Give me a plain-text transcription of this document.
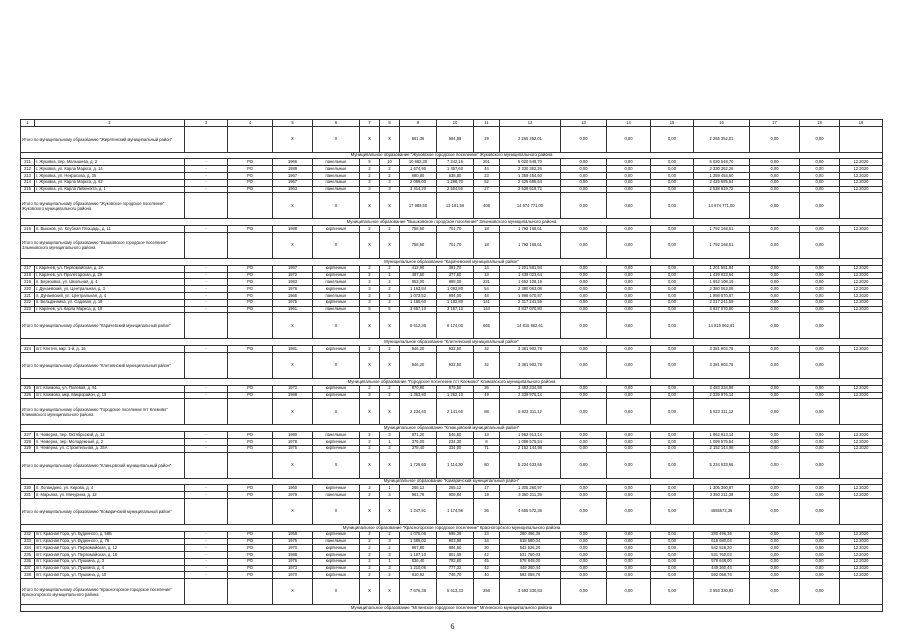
1	2	3	4	5	6	7	8	9	10	11	12	13	14	15	16	17	18	19
Итого по муниципальному образованию "Жирятинский муниципальный район"				X	X	X	X	661,36	584,98	29	2 265 352,01	0,00	0,00	0,00	2 265 352,01	0,00	0,00	
Муниципальное образование "Жуковское городское поселение" Жуковского муниципального района																		
211	г. Жуковка, пер. Малышева, д. 3	-	РО	1966	панельные	5	10	10 682,30	7 242,16	261	6 020 548,70	0,00	0,00	0,00	6 020 548,70	0,00	0,00	12.2020
212	г. Жуковка, ул. Карла Маркса, д. 14	-	РО	1989	панельные	2	2	1 674,90	1 457,60	44	2 330 362,26	0,00	0,00	0,00	2 330 362,26	0,00	0,00	12.2020
213	г. Жуковка, ул. Некрасова, д. 35	-	РО	1967	панельные	2	2	690,80	638,80	23	1 359 454,60	0,00	0,00	0,00	1 359 454,60	0,00	0,00	12.2020
214	г. Жуковка, ул. Карла Маркса, д. 62	-	РО	1967	панельные	3	3	2 099,00	1 298,70	52	2 425 685,54	0,00	0,00	0,00	2 425 685,54	0,00	0,00	12.2020
215	г. Жуковка, ул. Карла Либкнехта, д. 1	-	РО	1963	панельные	3	3	3 414,20	2 504,50	27	2 538 919,72	0,00	0,00	0,00	2 538 919,72	0,00	0,00	12.2020
Итого по муниципальному образованию "Жуковское городское поселение" Жуковского муниципального района				X	X	X	X	17 989,50	13 181,56	408	14 674 771,00	0,00	0,00	0,00	14 674 771,00	0,00	0,00	
Муниципальное образование "Вышковское городское поселение" Злынковского муниципального района																		
216	п. Вышков, ул. Клубная Площадь, д. 11	-	РО	1988	кирпичные	2	2	758,50	701,70	18	1 792 168,61	0,00	0,00	0,00	1 792 168,61	0,00	0,00	12.2020
Итого по муниципальному образованию "Вышковское городское поселение" Злынковского муниципального района				X	X	X	X	758,50	701,70	18	1 792 168,61	0,00	0,00	0,00	1 792 168,61	0,00	0,00	
Муниципальное образование "Карачевский муниципальный район"																		
217	г. Карачев, ул. Первомайская, д. 2А	-	РО	1957	кирпичные	2	2	412,90	381,70	14	1 201 581,94	0,00	0,00	0,00	1 201 581,94	0,00	0,00	12.2020
218	г. Карачев, ул. Пролетарская, д. 29	-	РО	1972	кирпичные	2	1	487,50	377,60	13	1 439 023,64	0,00	0,00	0,00	1 439 023,64	0,00	0,00	12.2020
219	п. Березовка, ул. Школьная, д. 4	-	РО	1983	панельные	2	2	953,00	888,00	231	1 652 108,19	0,00	0,00	0,00	1 652 108,19	0,00	0,00	12.2020
220	г. Дунаевский, ул. Центральная, д. 3	-	РО	1976	кирпичные	3	2	1 163,84	1 092,80	54	2 380 063,08	0,00	0,00	0,00	2 380 063,08	0,00	0,00	12.2020
221	п. Дунаевский, ул. Центральная, д. 4	-	РО	1965	панельные	3	2	1 073,52	994,00	48	1 998 670,87	0,00	0,00	0,00	1 998 670,87	0,00	0,00	12.2020
222	п. Бельдинника, ул. Садовая, д. 18	-	РО	1975	кирпичные	3	2	1 165,60	1 182,80	141	2 317 241,59	0,00	0,00	0,00	2 317 241,59	0,00	0,00	12.2020
223	г. Карачев, ул. Карла Маркса, д. 18	-	РО	1961	панельные	5	5	3 657,10	3 157,10	144	3 837 070,80	0,00	0,00	0,00	3 837 070,80	0,00	0,00	12.2020
Итого по муниципальному образованию "Карачевский муниципальный район"				X	X	X	X	8 612,36	8 174,00	666	14 815 962,61	0,00	0,00	0,00	14 815 962,61	0,00	0,00	
Муниципальное образование "Клетнянский муниципальный район"																		
224	пгт. Клетня, мкр. 1-й, д. 16	-	РО	1981	кирпичные	2	2	946,20	932,50	32	3 381 902,78	0,00	0,00	0,00	3 381 902,78	0,00	0,00	12.2020
Итого по муниципальному образованию "Клетнянский муниципальный район"				X	X	X	X	946,20	932,50	32	3 381 902,78	0,00	0,00	0,00	3 381 902,78	0,00	0,00	
Муниципальное образование "Городское поселение пгт Клемово" Климовского муниципального района																		
225	пгт. Климово, ул. Полевая, д. 51	-	РО	1972	кирпичные	2	2	870,80	879,50	36	3 483 334,98	0,00	0,00	0,00	3 483 334,98	0,00	0,00	12.2020
226	пгт. Климово, мкр. Микрорайон, д. 19	-	РО	1988	кирпичные	3	2	1 363,80	1 262,10	49	2 339 976,14	0,00	0,00	0,00	2 339 976,14	0,00	0,00	12.2020
Итого по муниципальному образованию "Городское поселение пгт Клемово" Климовского муниципального района				X	X	X	X	2 234,60	2 141,60	88	5 823 311,12	0,00	0,00	0,00	5 823 311,12	0,00	0,00	
Муниципальное образование "Клинцовский муниципальный район"																		
227	п. Чемерна, пер. Октябрьский, д. 12	-	РО	1980	панельные	2	3	971,20	546,60	13	1 962 913,14	0,00	0,00	0,00	1 962 913,14	0,00	0,00	12.2020
228	п. Чемерна, пер. Молодежный, д. 2	-	РО	1978	кирпичные	2	1	376,00	234,30	8	1 099 575,54	0,00	0,00	0,00	1 099 575,54	0,00	0,00	12.2020
229	п. Чемерна, ул. Строительная, д. 25А	-	РО	1975	кирпичные	2	2	378,40	334,00	71	2 152 144,98	0,00	0,00	0,00	2 152 144,98	0,00	0,00	12.2020
Итого по муниципальному образованию "Клинцовский муниципальный район"				X	X	X	X	1 726,60	1 114,30	80	5 234 633,66	0,00	0,00	0,00	5 234 633,66	0,00	0,00	
Муниципальное образование "Комаричский муниципальный район"																		
230	п. Лопандино, ул. Кирова, д. 4	-	РО	1960	кирпичные	2	1	286,12	265,12	17	1 305 360,97	0,00	0,00	0,00	1 305 360,97	0,00	0,00	12.2020
231	п. Марьяна, ул. Мичурина, д. 12	-	РО	1979	панельные	2	3	961,79	909,84	19	3 350 211,39	0,00	0,00	0,00	3 350 211,39	0,00	0,00	12.2020
Итого по муниципальному образованию "Комаричский муниципальный район"				X	X	X	X	1 247,91	1 174,96	36	4 655 572,36	0,00	0,00	0,00	4655572,36	0,00	0,00	
Муниципальное образование "Красногорское городское поселение" Красногорского муниципального района																		
232	пгт. Красная Гора, ул. Буденного, д. 58Б	-	РО	1958	кирпичные	2	2	1 075,06	695,36	23	280 496,36	0,00	0,00	0,00	280 496,36	0,00	0,00	12.2020
233	пгт. Красная Гора, ул. Буденного, д. 78	-	РО	1975	панельные	2	3	1 589,02	903,98	34	618 680,04	0,00	0,00	0,00	618 680,04	0,00	0,00	12.2020
234	пгт. Красная Гора, ул. Первомайская, д. 12	-	РО	1970	кирпичные	2	2	967,80	884,60	30	542 526,20	0,00	0,00	0,00	542 526,20	0,00	0,00	12.2020
235	пгт. Красная Гора, ул. Первомайская, д. 18	-	РО	1988	кирпичные	2	3	1 187,10	801,69	42	531 760,03	0,00	0,00	0,00	531 760,03	0,00	0,00	12.2020
236	пгт. Красная Гора, ул. Пушкина, д. 3	-	РО	1976	кирпичные	2	1	836,40	783,60	45	578 648,00	0,00	0,00	0,00	578 648,00	0,00	0,00	12.2020
237	пгт. Красная Гора, ул. Пушкина, д. 4	-	РО	1973	кирпичные	2	3	1 210,06	777,32	42	449 360,44	0,00	0,00	0,00	449 360,44	0,00	0,00	12.2020
238	пгт. Красная Гора, ул. Пушкина, д. 10	-	РО	1970	кирпичные	2	2	810,92	746,70	40	592 058,76	0,00	0,00	0,00	592 058,76	0,00	0,00	12.2020
Итого по муниципальному образованию "Красногорское городское поселение" Красногорского муниципального района				X	X	X	X	7 676,36	5 613,33	256	3 593 330,83	0,00	0,00	0,00	3 593 330,83	0,00	0,00	
Муниципальное образование "Мглинское городское поселение" Мглинского муниципального района																		
6
